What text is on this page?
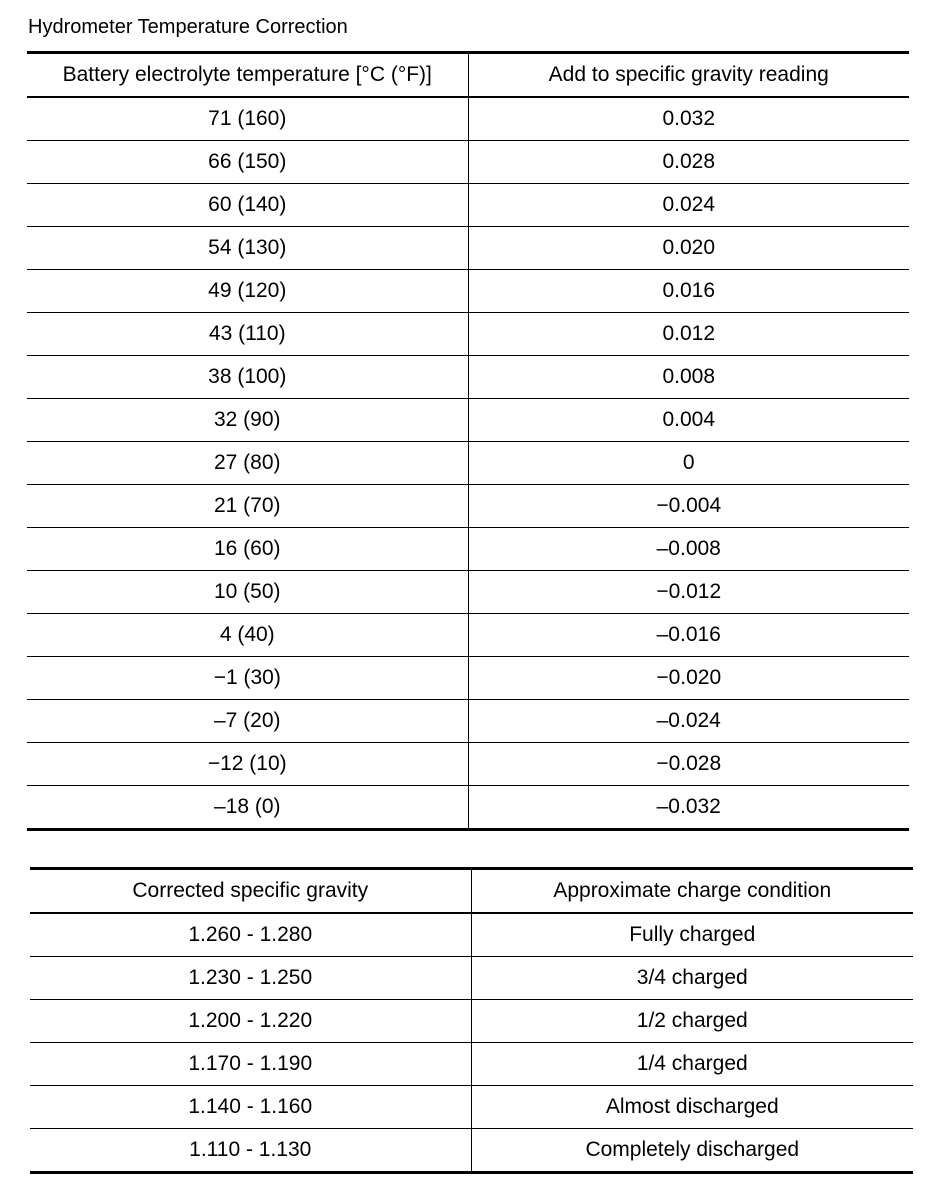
Hydrometer Temperature Correction
Battery electrolyte temperature [°C (°F)]	Add to specific gravity reading
71 (160)	0.032
66 (150)	0.028
60 (140)	0.024
54 (130)	0.020
49 (120)	0.016
43 (110)	0.012
38 (100)	0.008
32 (90)	0.004
27 (80)	0
21 (70)	−0.004
16 (60)	–0.008
10 (50)	−0.012
4 (40)	–0.016
−1 (30)	−0.020
–7 (20)	–0.024
−12 (10)	−0.028
–18 (0)	–0.032
Corrected specific gravity	Approximate charge condition
1.260 - 1.280	Fully charged
1.230 - 1.250	3/4 charged
1.200 - 1.220	1/2 charged
1.170 - 1.190	1/4 charged
1.140 - 1.160	Almost discharged
1.110 - 1.130	Completely discharged
